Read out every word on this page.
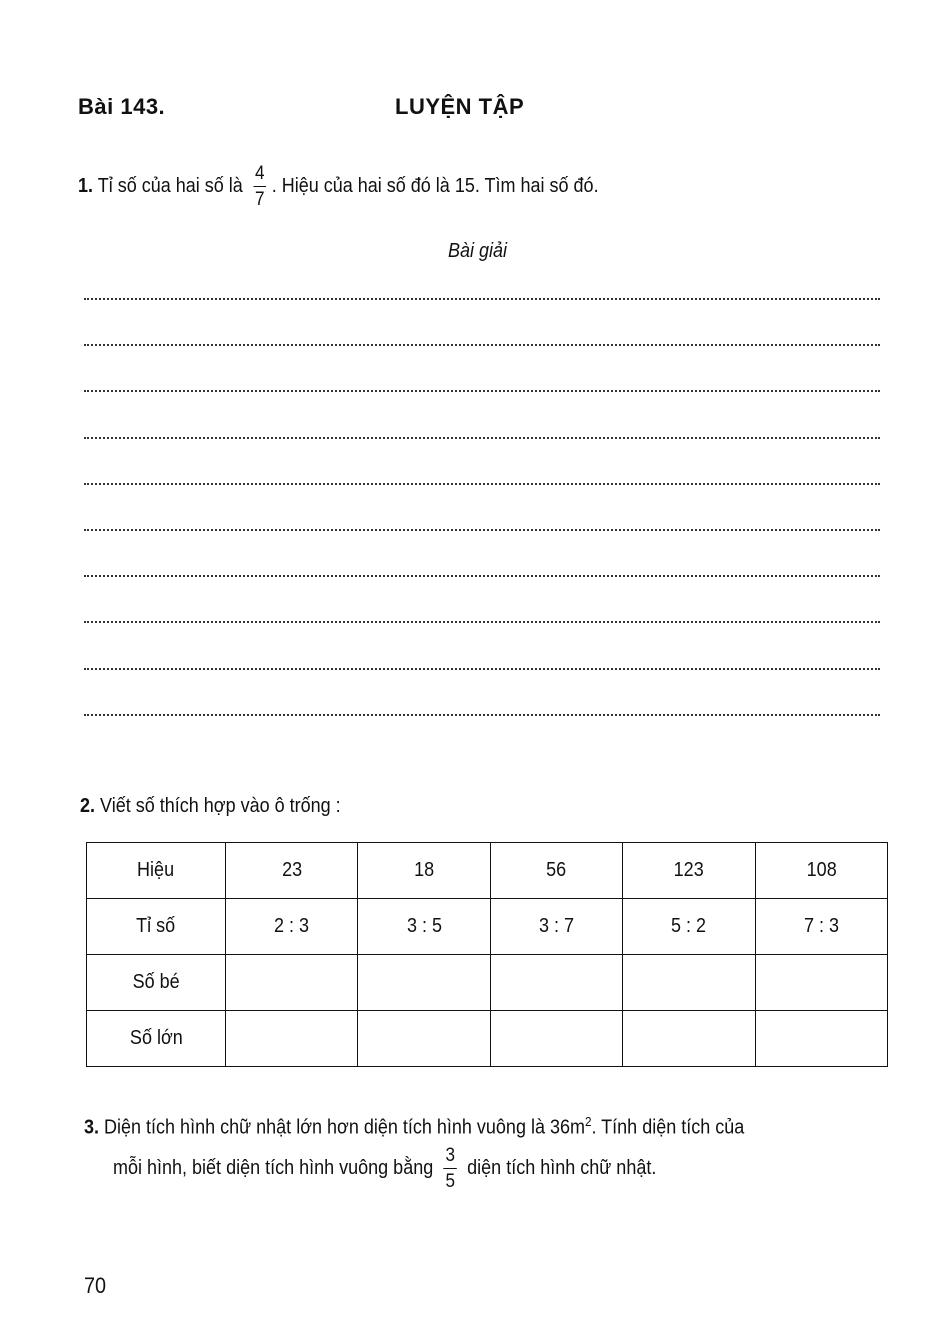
Bài 143.	LUYỆN TẬP
1. Tỉ số của hai số là $\frac{4}{7}$ . Hiệu của hai số đó là 15. Tìm hai số đó.
Bài giải
2. Viết số thích hợp vào ô trống :
Hiệu	23	18	56	123	108
Tỉ số	2 : 3	3 : 5	3 : 7	5 : 2	7 : 3
Số bé					
Số lớn					
3. Diện tích hình chữ nhật lớn hơn diện tích hình vuông là $36m^2$. Tính diện tích của
mỗi hình, biết diện tích hình vuông bằng $\frac{3}{5}$ diện tích hình chữ nhật.
70
